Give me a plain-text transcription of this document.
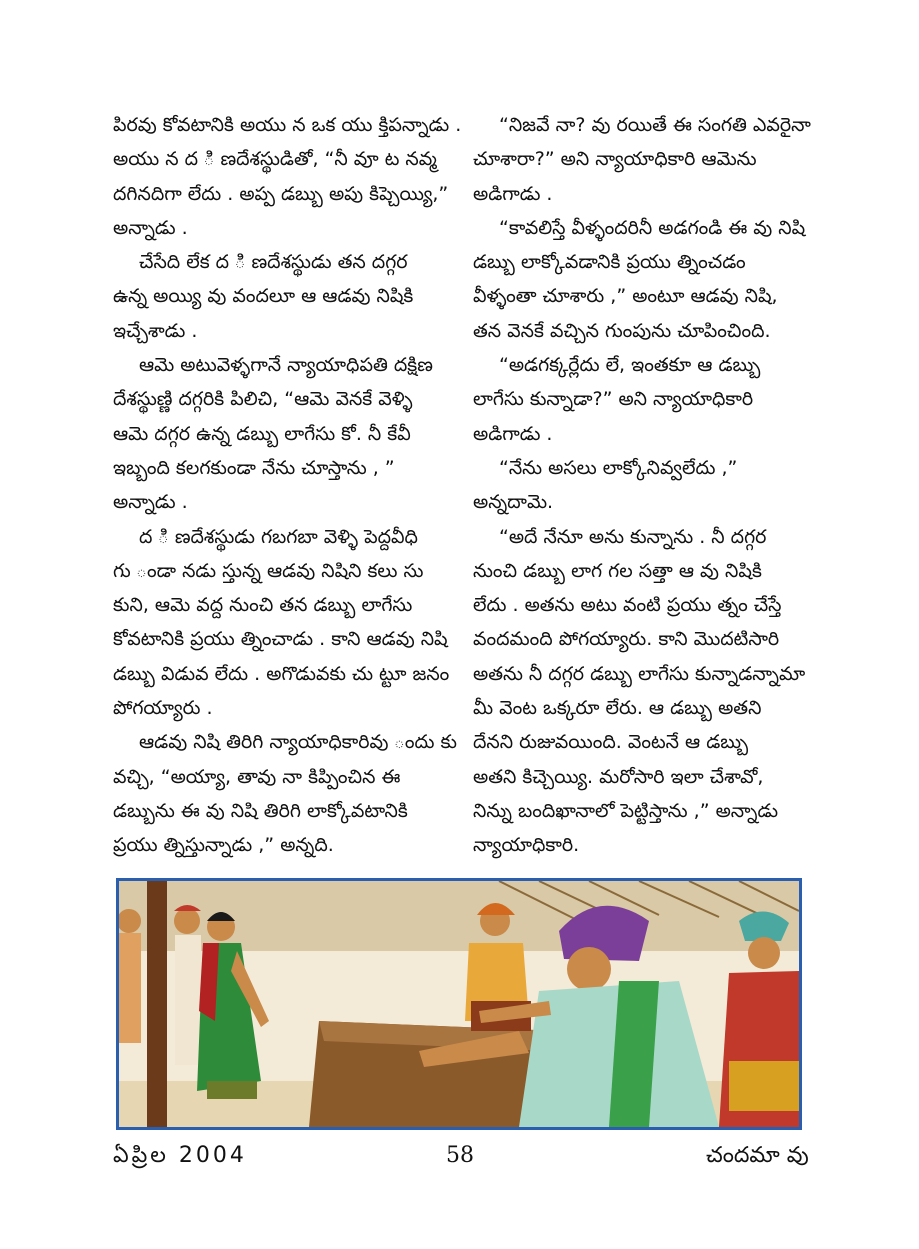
పిరవు కోవటానికి అయు న ఒక యు క్తిపన్నాడు .
అయు న ద ి ణదేశస్థుడితో, “నీ వూ ట నవ్మ
దగినదిగా లేదు . అప్ప డబ్బు అపు కిప్చెయ్యి,”
అన్నాడు .
చేసేది లేక ద ి ణదేశస్థుడు తన దగ్గర
ఉన్న అయ్యి వు వందలూ ఆ ఆడవు నిషికి
ఇచ్చేశాడు .
ఆమె అటువెళ్ళగానే న్యాయాధిపతి దక్షిణ
దేశస్థుణ్ణి దగ్గరికి పిలిచి, “ఆమె వెనకే వెళ్ళి
ఆమె దగ్గర ఉన్న డబ్బు లాగేసు కో. నీ కేవీ
ఇబ్బంది కలగకుండా నేను చూస్తాను , ”
అన్నాడు .
ద ి ణదేశస్థుడు గబగబా వెళ్ళి పెద్దవీధి
గు ండా నడు స్తున్న ఆడవు నిషిని కలు సు
కుని, ఆమె వద్ద నుంచి తన డబ్బు లాగేసు
కోవటానికి ప్రయు త్నించాడు . కాని ఆడవు నిషి
డబ్బు విడువ లేదు . అగొడువకు చు ట్టూ జనం
పోగయ్యారు .
ఆడవు నిషి తిరిగి న్యాయాధికారివు ందు కు
వచ్చి, “అయ్యా, తావు నా కిప్పించిన ఈ
డబ్బును ఈ వు నిషి తిరిగి లాక్కోవటానికి
ప్రయు త్నిస్తున్నాడు ,” అన్నది.
“నిజవే నా? వు రయితే ఈ సంగతి ఎవరైనా
చూశారా?” అని న్యాయాధికారి ఆమెను
అడిగాడు .
“కావలిస్తే వీళ్ళందరినీ అడగండి ఈ వు నిషి
డబ్బు లాక్కోవడానికి ప్రయు త్నించడం
వీళ్ళంతా చూశారు ,” అంటూ ఆడవు నిషి,
తన వెనకే వచ్చిన గుంపును చూపించింది.
“అడగక్కర్లేదు లే, ఇంతకూ ఆ డబ్బు
లాగేసు కున్నాడా?” అని న్యాయాధికారి
అడిగాడు .
“నేను అసలు లాక్కోనివ్వలేదు ,”
అన్నదామె.
“అదే నేనూ అను కున్నాను . నీ దగ్గర
నుంచి డబ్బు లాగ గల సత్తా ఆ వు నిషికి
లేదు . అతను అటు వంటి ప్రయు త్నం చేస్తే
వందమంది పోగయ్యారు. కాని మొదటిసారి
అతను నీ దగ్గర డబ్బు లాగేసు కున్నాడన్నామా
మీ వెంట ఒక్కరూ లేరు. ఆ డబ్బు అతని
దేనని రుజువయింది. వెంటనే ఆ డబ్బు
అతని కిచ్చెయ్యి. మరోసారి ఇలా చేశావో,
నిన్ను బందిఖానాలో పెట్టిస్తాను ,” అన్నాడు
న్యాయాధికారి.
ఏప్రిల 2004	58	చందమా వు
